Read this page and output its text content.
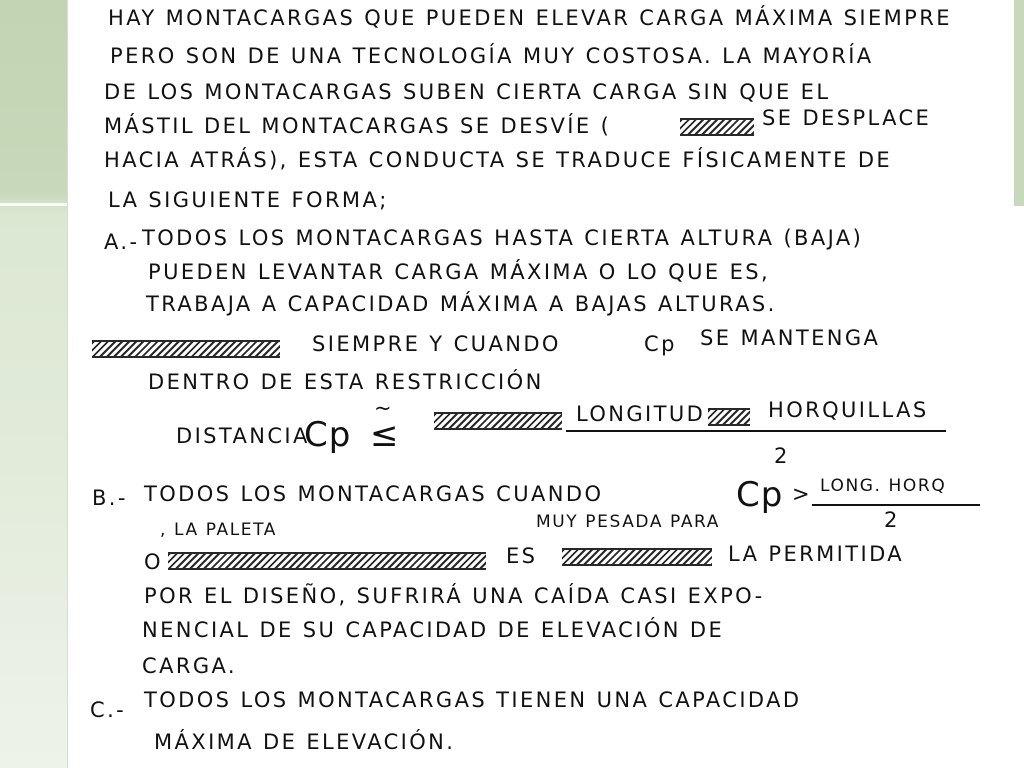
HAY MONTACARGAS QUE PUEDEN ELEVAR CARGA MÁXIMA SIEMPRE
PERO SON DE UNA TECNOLOGÍA MUY COSTOSA. LA MAYORÍA
DE LOS MONTACARGAS SUBEN CIERTA CARGA SIN QUE EL
MÁSTIL DEL MONTACARGAS SE DESVÍE (	SE DESPLACE
HACIA ATRÁS), ESTA CONDUCTA SE TRADUCE FÍSICAMENTE DE
LA SIGUIENTE FORMA;
A.- TODOS LOS MONTACARGAS HASTA CIERTA ALTURA (BAJA)
PUEDEN LEVANTAR CARGA MÁXIMA O LO QUE ES,
TRABAJA A CAPACIDAD MÁXIMA A BAJAS ALTURAS.
SIEMPRE Y CUANDO	Cp SE MANTENGA
DENTRO DE ESTA RESTRICCIÓN
DISTANCIA
Cp
~
≤
LONGITUD	HORQUILLAS
2
B.- TODOS LOS MONTACARGAS CUANDO	Cp > LONG. HORQ
2
, LA PALETA	MUY PESADA PARA
O	ES	LA PERMITIDA
POR EL DISEÑO, SUFRIRÁ UNA CAÍDA CASI EXPO-
NENCIAL DE SU CAPACIDAD DE ELEVACIÓN DE
CARGA.
C.- TODOS LOS MONTACARGAS TIENEN UNA CAPACIDAD
MÁXIMA DE ELEVACIÓN.
